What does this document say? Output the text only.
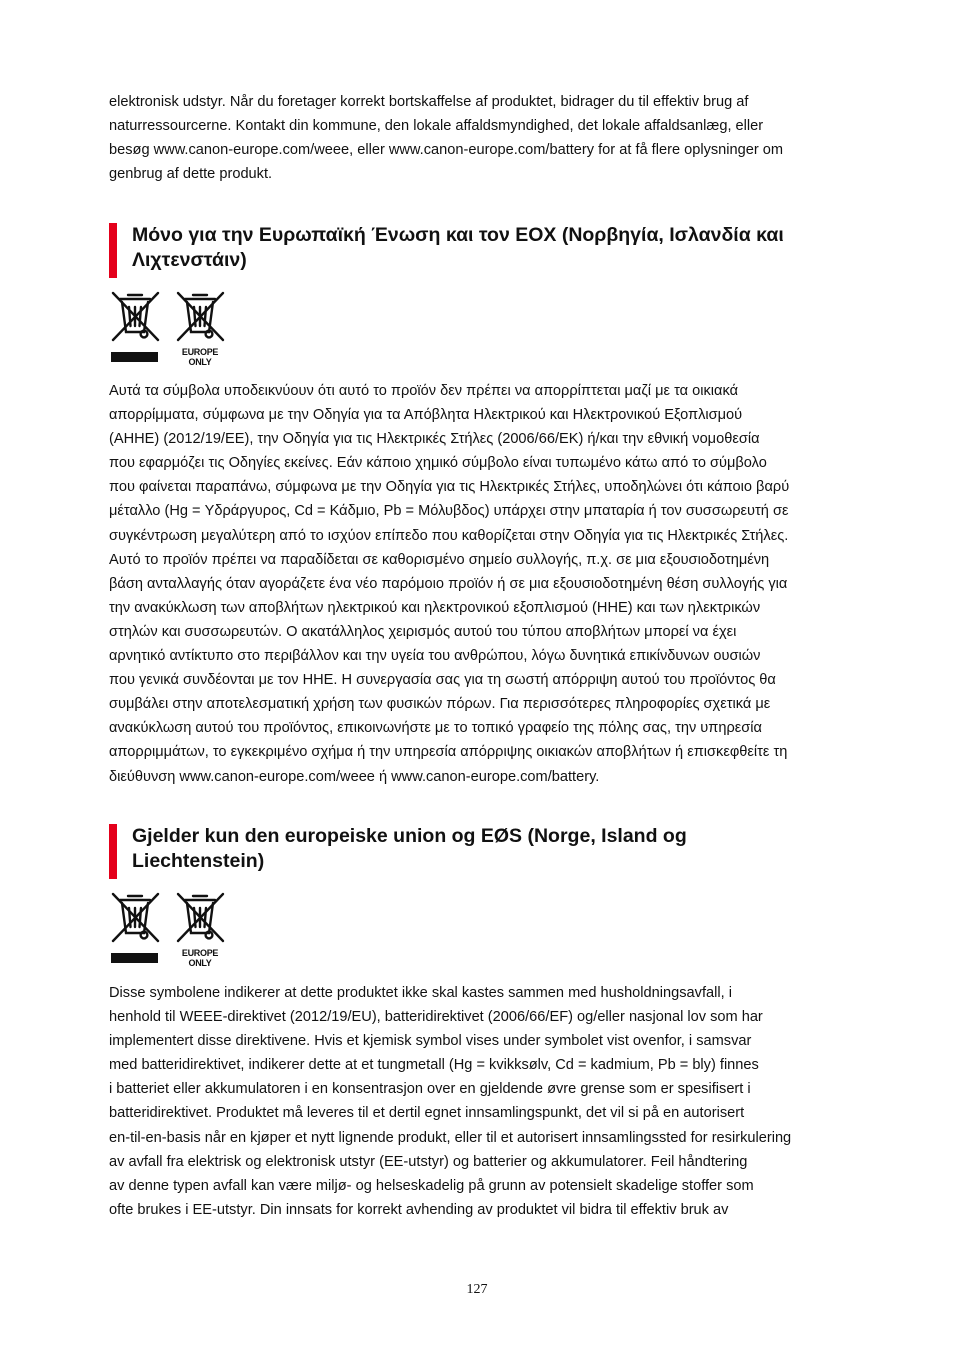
elektronisk udstyr. Når du foretager korrekt bortskaffelse af produktet, bidrager du til effektiv brug af
naturressourcerne. Kontakt din kommune, den lokale affaldsmyndighed, det lokale affaldsanlæg, eller
besøg www.canon-europe.com/weee, eller www.canon-europe.com/battery for at få flere oplysninger om
genbrug af dette produkt.
Μόνο για την Ευρωπαϊκή Ένωση και τον ΕΟΧ (Νορβηγία, Ισλανδία και
Λιχτενστάιν)
EUROPE ONLY
Αυτά τα σύμβολα υποδεικνύουν ότι αυτό το προϊόν δεν πρέπει να απορρίπτεται μαζί με τα οικιακά
απορρίμματα, σύμφωνα με την Οδηγία για τα Απόβλητα Ηλεκτρικού και Ηλεκτρονικού Εξοπλισμού
(ΑΗΗΕ) (2012/19/ΕΕ), την Οδηγία για τις Ηλεκτρικές Στήλες (2006/66/ΕΚ) ή/και την εθνική νομοθεσία
που εφαρμόζει τις Οδηγίες εκείνες. Εάν κάποιο χημικό σύμβολο είναι τυπωμένο κάτω από το σύμβολο
που φαίνεται παραπάνω, σύμφωνα με την Οδηγία για τις Ηλεκτρικές Στήλες, υποδηλώνει ότι κάποιο βαρύ
μέταλλο (Hg = Υδράργυρος, Cd = Κάδμιο, Pb = Μόλυβδος) υπάρχει στην μπαταρία ή τον συσσωρευτή σε
συγκέντρωση μεγαλύτερη από το ισχύον επίπεδο που καθορίζεται στην Οδηγία για τις Ηλεκτρικές Στήλες.
Αυτό το προϊόν πρέπει να παραδίδεται σε καθορισμένο σημείο συλλογής, π.χ. σε μια εξουσιοδοτημένη
βάση ανταλλαγής όταν αγοράζετε ένα νέο παρόμοιο προϊόν ή σε μια εξουσιοδοτημένη θέση συλλογής για
την ανακύκλωση των αποβλήτων ηλεκτρικού και ηλεκτρονικού εξοπλισμού (ΗΗΕ) και των ηλεκτρικών
στηλών και συσσωρευτών. Ο ακατάλληλος χειρισμός αυτού του τύπου αποβλήτων μπορεί να έχει
αρνητικό αντίκτυπο στο περιβάλλον και την υγεία του ανθρώπου, λόγω δυνητικά επικίνδυνων ουσιών
που γενικά συνδέονται με τον ΗΗΕ. Η συνεργασία σας για τη σωστή απόρριψη αυτού του προϊόντος θα
συμβάλει στην αποτελεσματική χρήση των φυσικών πόρων. Για περισσότερες πληροφορίες σχετικά με
ανακύκλωση αυτού του προϊόντος, επικοινωνήστε με το τοπικό γραφείο της πόλης σας, την υπηρεσία
απορριμμάτων, το εγκεκριμένο σχήμα ή την υπηρεσία απόρριψης οικιακών αποβλήτων ή επισκεφθείτε τη
διεύθυνση www.canon-europe.com/weee ή www.canon-europe.com/battery.
Gjelder kun den europeiske union og EØS (Norge, Island og
Liechtenstein)
EUROPE ONLY
Disse symbolene indikerer at dette produktet ikke skal kastes sammen med husholdningsavfall, i
henhold til WEEE-direktivet (2012/19/EU), batteridirektivet (2006/66/EF) og/eller nasjonal lov som har
implementert disse direktivene. Hvis et kjemisk symbol vises under symbolet vist ovenfor, i samsvar
med batteridirektivet, indikerer dette at et tungmetall (Hg = kvikksølv, Cd = kadmium, Pb = bly) finnes
i batteriet eller akkumulatoren i en konsentrasjon over en gjeldende øvre grense som er spesifisert i
batteridirektivet. Produktet må leveres til et dertil egnet innsamlingspunkt, det vil si på en autorisert
en-til-en-basis når en kjøper et nytt lignende produkt, eller til et autorisert innsamlingssted for resirkulering
av avfall fra elektrisk og elektronisk utstyr (EE-utstyr) og batterier og akkumulatorer. Feil håndtering
av denne typen avfall kan være miljø- og helseskadelig på grunn av potensielt skadelige stoffer som
ofte brukes i EE-utstyr. Din innsats for korrekt avhending av produktet vil bidra til effektiv bruk av
127
